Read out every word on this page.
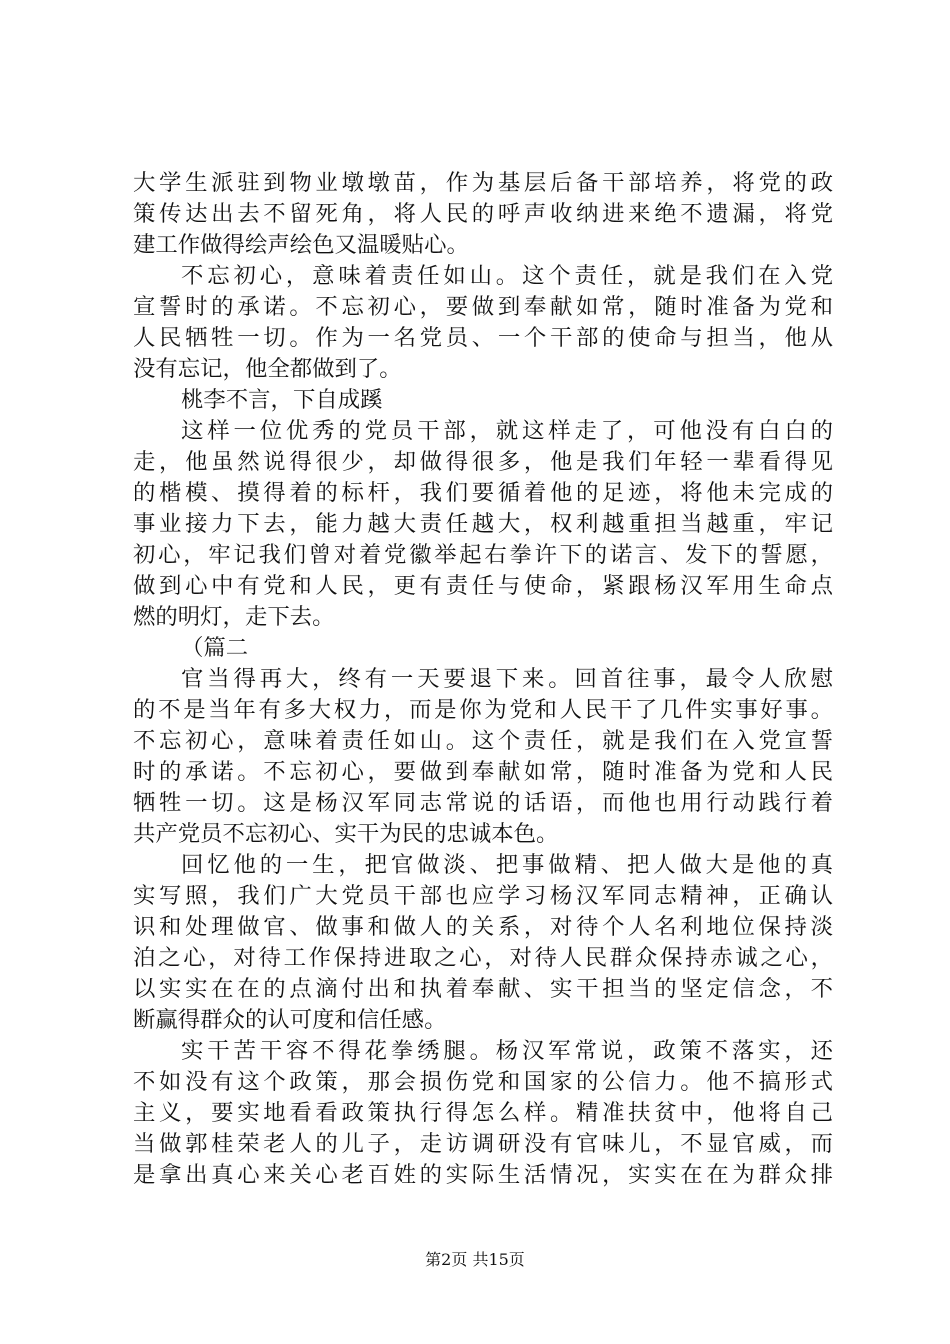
大学生派驻到物业墩墩苗，作为基层后备干部培养，将党的政
策传达出去不留死角，将人民的呼声收纳进来绝不遗漏，将党
建工作做得绘声绘色又温暖贴心。
不忘初心，意味着责任如山。这个责任，就是我们在入党
宣誓时的承诺。不忘初心，要做到奉献如常，随时准备为党和
人民牺牲一切。作为一名党员、一个干部的使命与担当，他从
没有忘记，他全都做到了。
桃李不言，下自成蹊
这样一位优秀的党员干部，就这样走了，可他没有白白的
走，他虽然说得很少，却做得很多，他是我们年轻一辈看得见
的楷模、摸得着的标杆，我们要循着他的足迹，将他未完成的
事业接力下去，能力越大责任越大，权利越重担当越重，牢记
初心，牢记我们曾对着党徽举起右拳许下的诺言、发下的誓愿，
做到心中有党和人民，更有责任与使命，紧跟杨汉军用生命点
燃的明灯，走下去。
（篇二
官当得再大，终有一天要退下来。回首往事，最令人欣慰
的不是当年有多大权力，而是你为党和人民干了几件实事好事。
不忘初心，意味着责任如山。这个责任，就是我们在入党宣誓
时的承诺。不忘初心，要做到奉献如常，随时准备为党和人民
牺牲一切。这是杨汉军同志常说的话语，而他也用行动践行着
共产党员不忘初心、实干为民的忠诚本色。
回忆他的一生，把官做淡、把事做精、把人做大是他的真
实写照，我们广大党员干部也应学习杨汉军同志精神，正确认
识和处理做官、做事和做人的关系，对待个人名利地位保持淡
泊之心，对待工作保持进取之心，对待人民群众保持赤诚之心，
以实实在在的点滴付出和执着奉献、实干担当的坚定信念，不
断赢得群众的认可度和信任感。
实干苦干容不得花拳绣腿。杨汉军常说，政策不落实，还
不如没有这个政策，那会损伤党和国家的公信力。他不搞形式
主义，要实地看看政策执行得怎么样。精准扶贫中，他将自己
当做郭桂荣老人的儿子，走访调研没有官味儿，不显官威，而
是拿出真心来关心老百姓的实际生活情况，实实在在为群众排
第2页 共15页
